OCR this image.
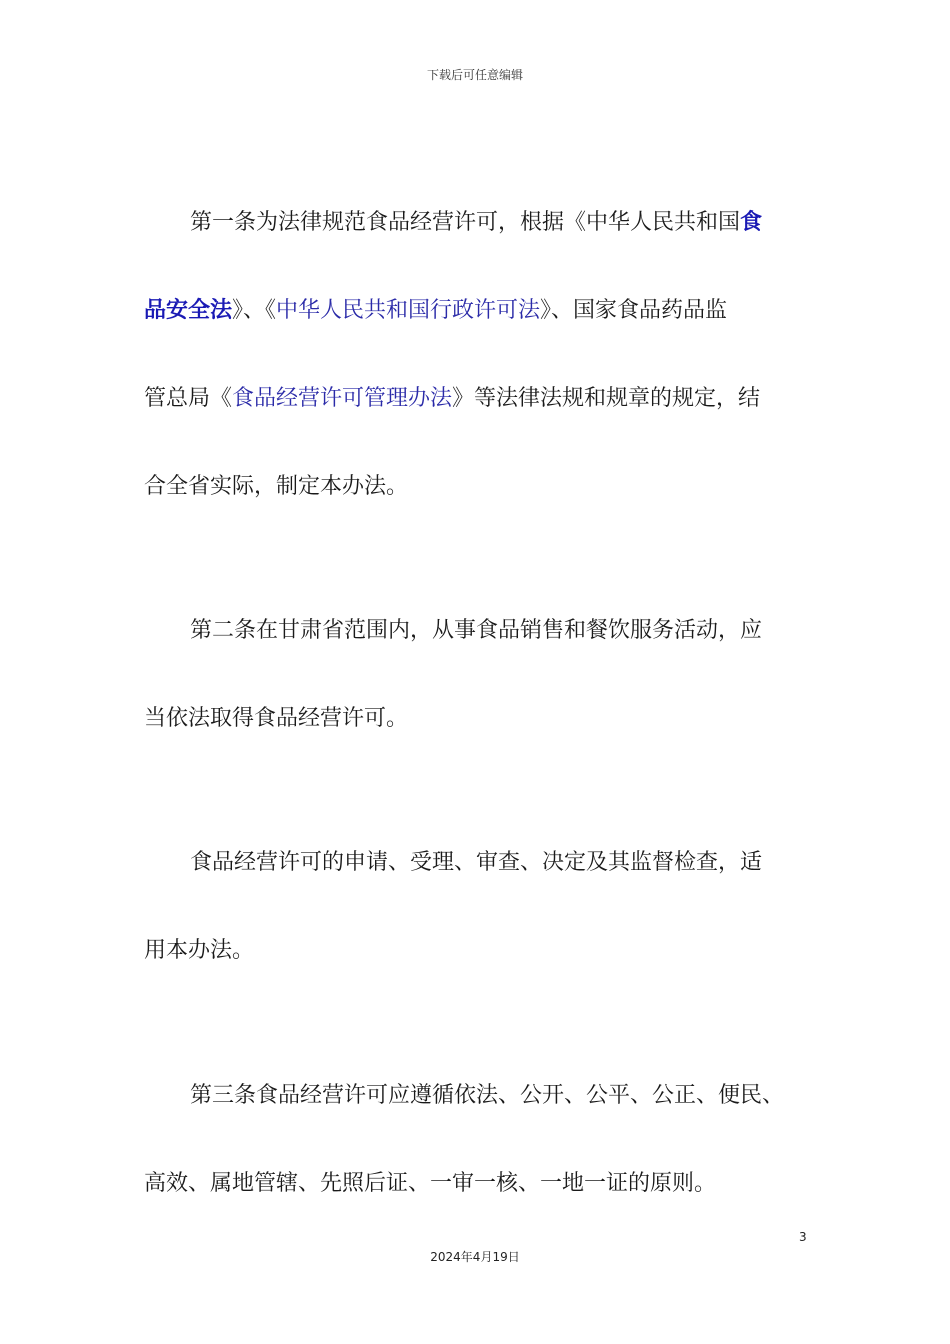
下载后可任意编辑
第一条为法律规范食品经营许可，根据《中华人民共和国食
品安全法》、《中华人民共和国行政许可法》、国家食品药品监
管总局《食品经营许可管理办法》等法律法规和规章的规定，结
合全省实际，制定本办法。
第二条在甘肃省范围内，从事食品销售和餐饮服务活动，应
当依法取得食品经营许可。
食品经营许可的申请、受理、审查、决定及其监督检查，适
用本办法。
第三条食品经营许可应遵循依法、公开、公平、公正、便民、
高效、属地管辖、先照后证、一审一核、一地一证的原则。
3
2024年4月19日
